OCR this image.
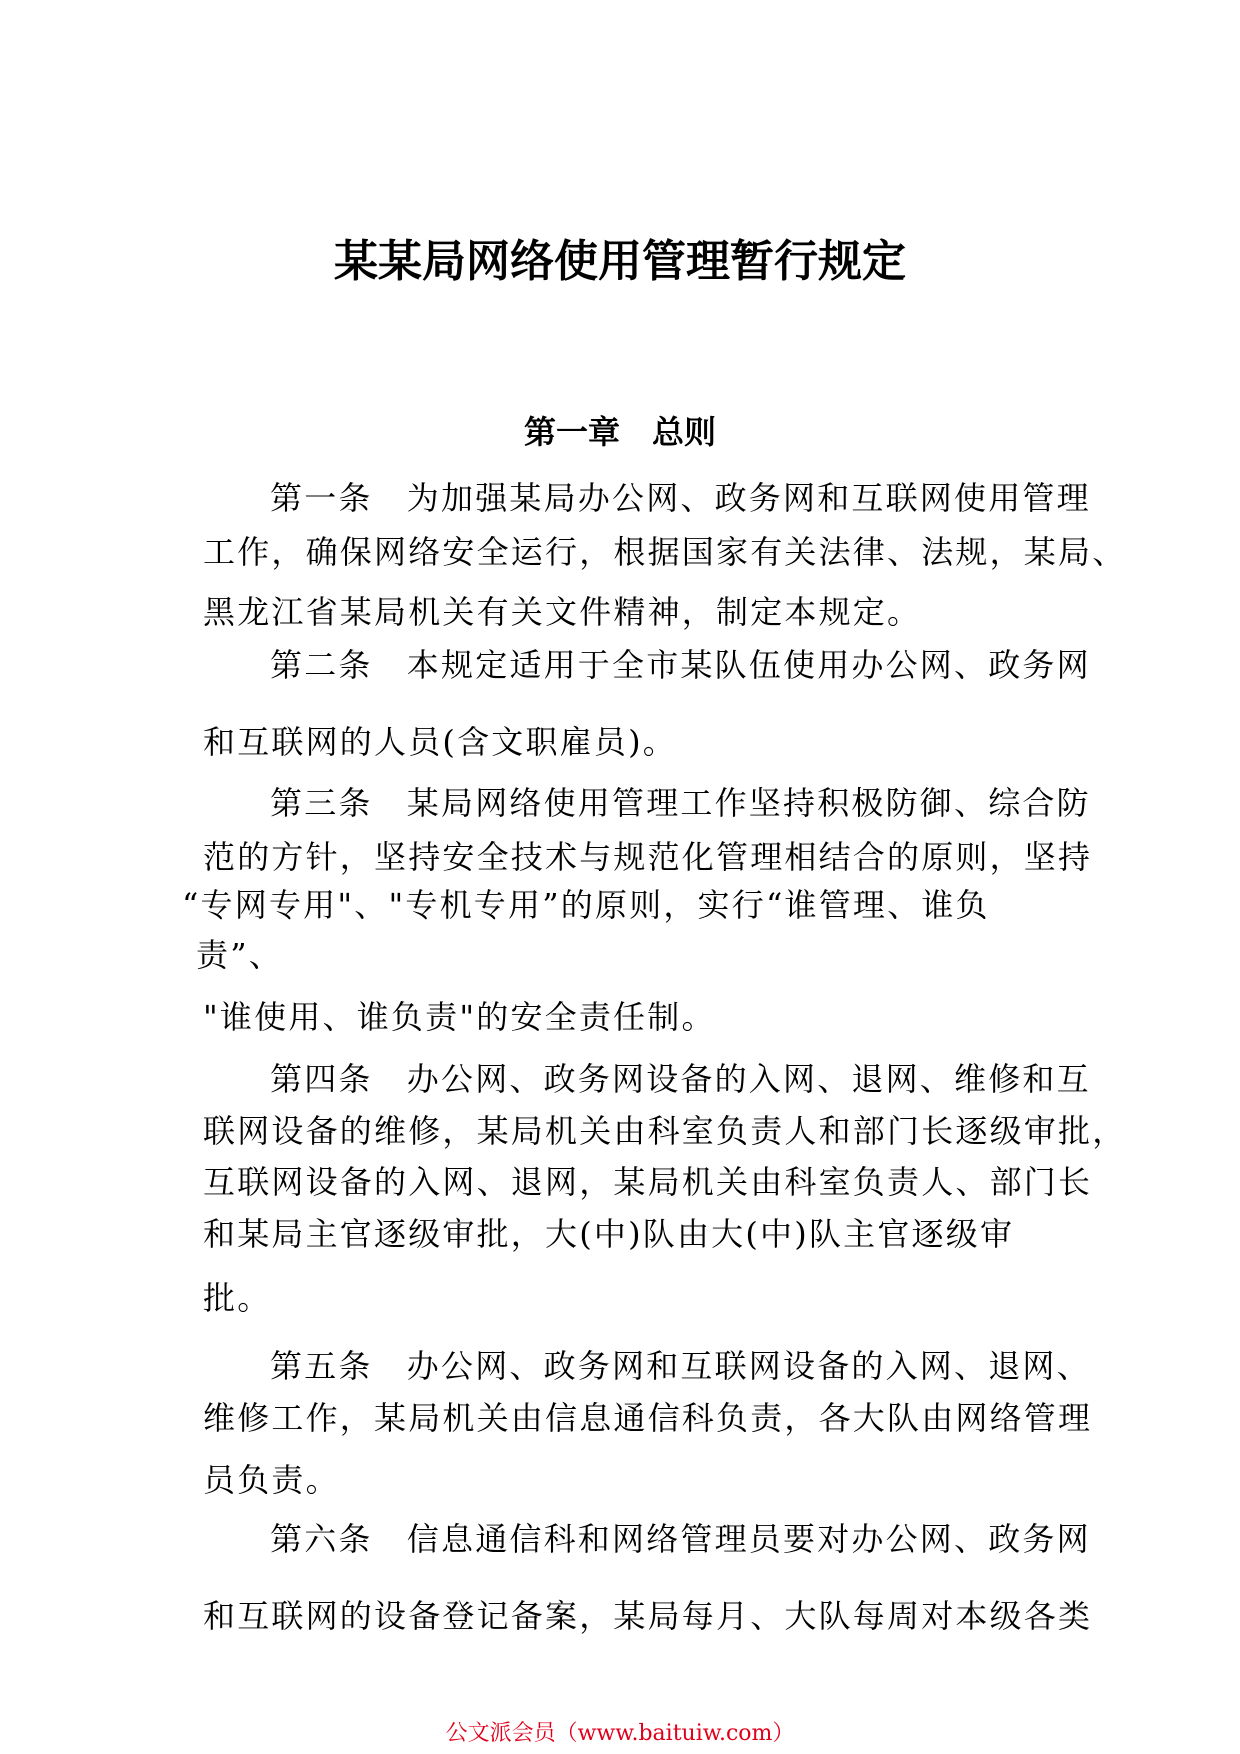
某某局网络使用管理暂行规定
第一章　总则
第一条　为加强某局办公网、政务网和互联网使用管理
工作，确保网络安全运行，根据国家有关法律、法规，某局、
黑龙江省某局机关有关文件精神，制定本规定。
第二条　本规定适用于全市某队伍使用办公网、政务网
和互联网的人员(含文职雇员)。
第三条　某局网络使用管理工作坚持积极防御、综合防
范的方针，坚持安全技术与规范化管理相结合的原则，坚持
“专网专用"、"专机专用”的原则，实行“谁管理、谁负
责”、
"谁使用、谁负责"的安全责任制。
第四条　办公网、政务网设备的入网、退网、维修和互
联网设备的维修，某局机关由科室负责人和部门长逐级审批，
互联网设备的入网、退网，某局机关由科室负责人、部门长
和某局主官逐级审批，大(中)队由大(中)队主官逐级审
批。
第五条　办公网、政务网和互联网设备的入网、退网、
维修工作，某局机关由信息通信科负责，各大队由网络管理
员负责。
第六条　信息通信科和网络管理员要对办公网、政务网
和互联网的设备登记备案，某局每月、大队每周对本级各类
公文派会员（www.baituiw.com）
